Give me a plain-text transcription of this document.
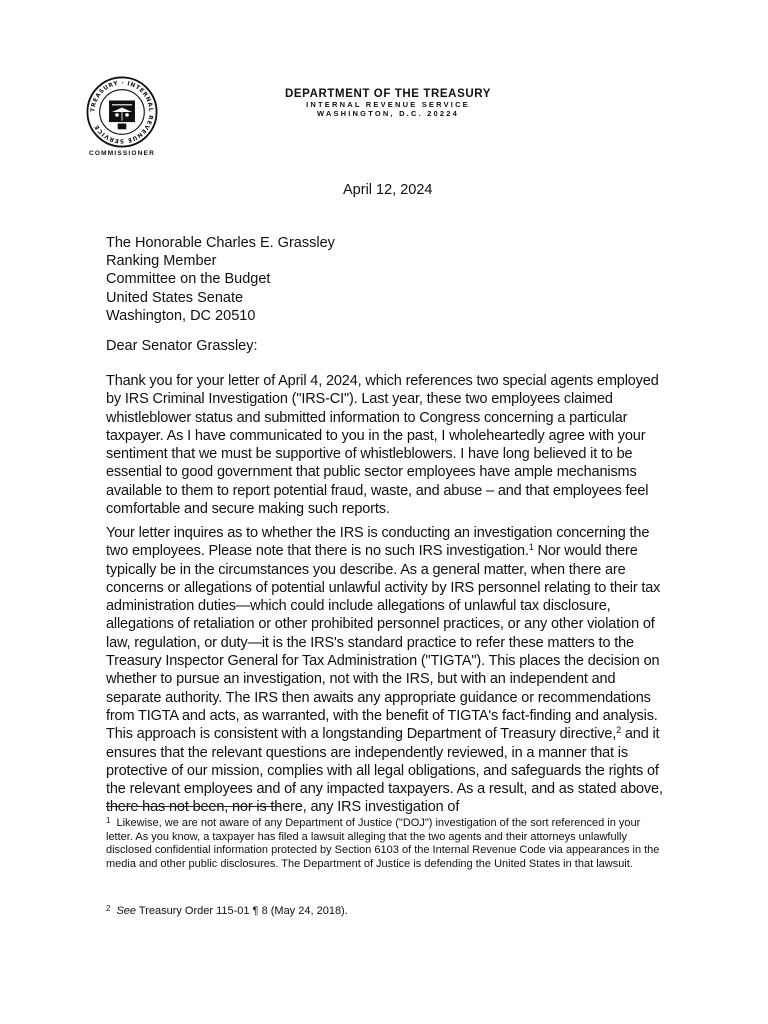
TREASURY · INTERNAL REVENUE SERVICE
COMMISSIONER
DEPARTMENT OF THE TREASURY
INTERNAL REVENUE SERVICE
WASHINGTON, D.C. 20224
April 12, 2024
The Honorable Charles E. Grassley
Ranking Member
Committee on the Budget
United States Senate
Washington, DC 20510
Dear Senator Grassley:
Thank you for your letter of April 4, 2024, which references two special agents employed by IRS Criminal Investigation ("IRS-CI"). Last year, these two employees claimed whistleblower status and submitted information to Congress concerning a particular taxpayer. As I have communicated to you in the past, I wholeheartedly agree with your sentiment that we must be supportive of whistleblowers. I have long believed it to be essential to good government that public sector employees have ample mechanisms available to them to report potential fraud, waste, and abuse – and that employees feel comfortable and secure making such reports.
Your letter inquires as to whether the IRS is conducting an investigation concerning the two employees. Please note that there is no such IRS investigation.$^1$ Nor would there typically be in the circumstances you describe. As a general matter, when there are concerns or allegations of potential unlawful activity by IRS personnel relating to their tax administration duties—which could include allegations of unlawful tax disclosure, allegations of retaliation or other prohibited personnel practices, or any other violation of law, regulation, or duty—it is the IRS's standard practice to refer these matters to the Treasury Inspector General for Tax Administration ("TIGTA"). This places the decision on whether to pursue an investigation, not with the IRS, but with an independent and separate authority. The IRS then awaits any appropriate guidance or recommendations from TIGTA and acts, as warranted, with the benefit of TIGTA's fact-finding and analysis. This approach is consistent with a longstanding Department of Treasury directive,$^2$ and it ensures that the relevant questions are independently reviewed, in a manner that is protective of our mission, complies with all legal obligations, and safeguards the rights of the relevant employees and of any impacted taxpayers. As a result, and as stated above, there has not been, nor is there, any IRS investigation of
$^1$ Likewise, we are not aware of any Department of Justice ("DOJ") investigation of the sort referenced in your letter. As you know, a taxpayer has filed a lawsuit alleging that the two agents and their attorneys unlawfully disclosed confidential information protected by Section 6103 of the Internal Revenue Code via appearances in the media and other public disclosures. The Department of Justice is defending the United States in that lawsuit.
$^2$ See Treasury Order 115-01 ¶ 8 (May 24, 2018).
